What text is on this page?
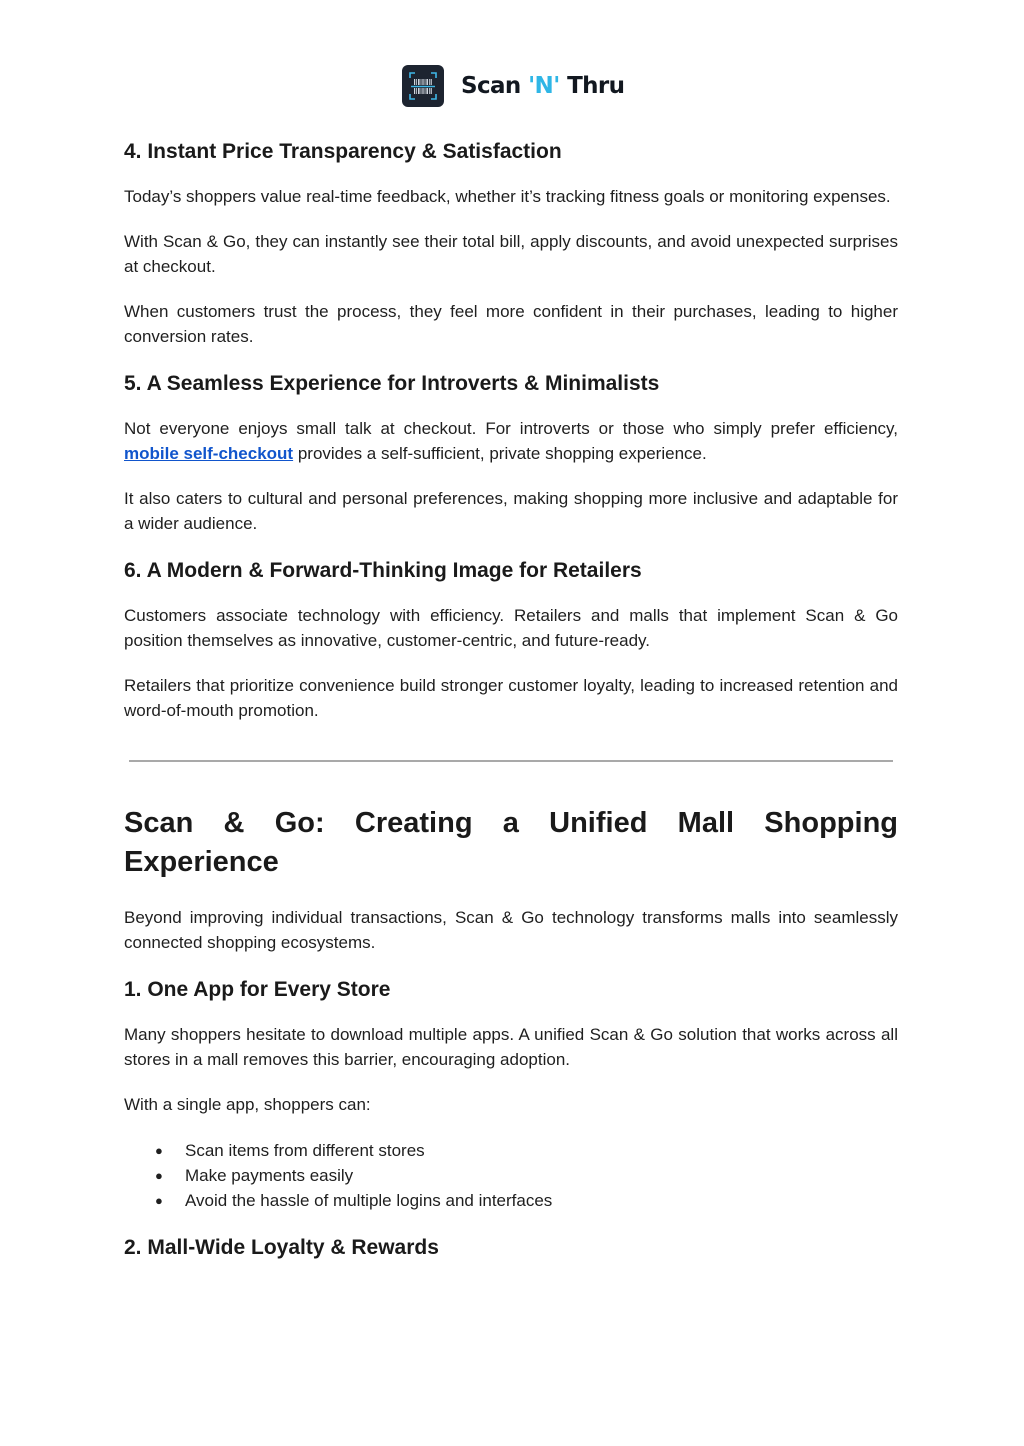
Scan 'N' Thru
4. Instant Price Transparency & Satisfaction

Today’s shoppers value real-time feedback, whether it’s tracking fitness goals or monitoring expenses.

With Scan & Go, they can instantly see their total bill, apply discounts, and avoid unexpected surprises at checkout.

When customers trust the process, they feel more confident in their purchases, leading to higher conversion rates.

5. A Seamless Experience for Introverts & Minimalists

Not everyone enjoys small talk at checkout. For introverts or those who simply prefer efficiency, mobile self-checkout provides a self-sufficient, private shopping experience.

It also caters to cultural and personal preferences, making shopping more inclusive and adaptable for a wider audience.

6. A Modern & Forward-Thinking Image for Retailers

Customers associate technology with efficiency. Retailers and malls that implement Scan & Go position themselves as innovative, customer-centric, and future-ready.

Retailers that prioritize convenience build stronger customer loyalty, leading to increased retention and word-of-mouth promotion.

Scan & Go: Creating a Unified Mall Shopping Experience

Beyond improving individual transactions, Scan & Go technology transforms malls into seamlessly connected shopping ecosystems.

1. One App for Every Store

Many shoppers hesitate to download multiple apps. A unified Scan & Go solution that works across all stores in a mall removes this barrier, encouraging adoption.

With a single app, shoppers can:

● Scan items from different stores
● Make payments easily
● Avoid the hassle of multiple logins and interfaces
2. Mall-Wide Loyalty & Rewards
